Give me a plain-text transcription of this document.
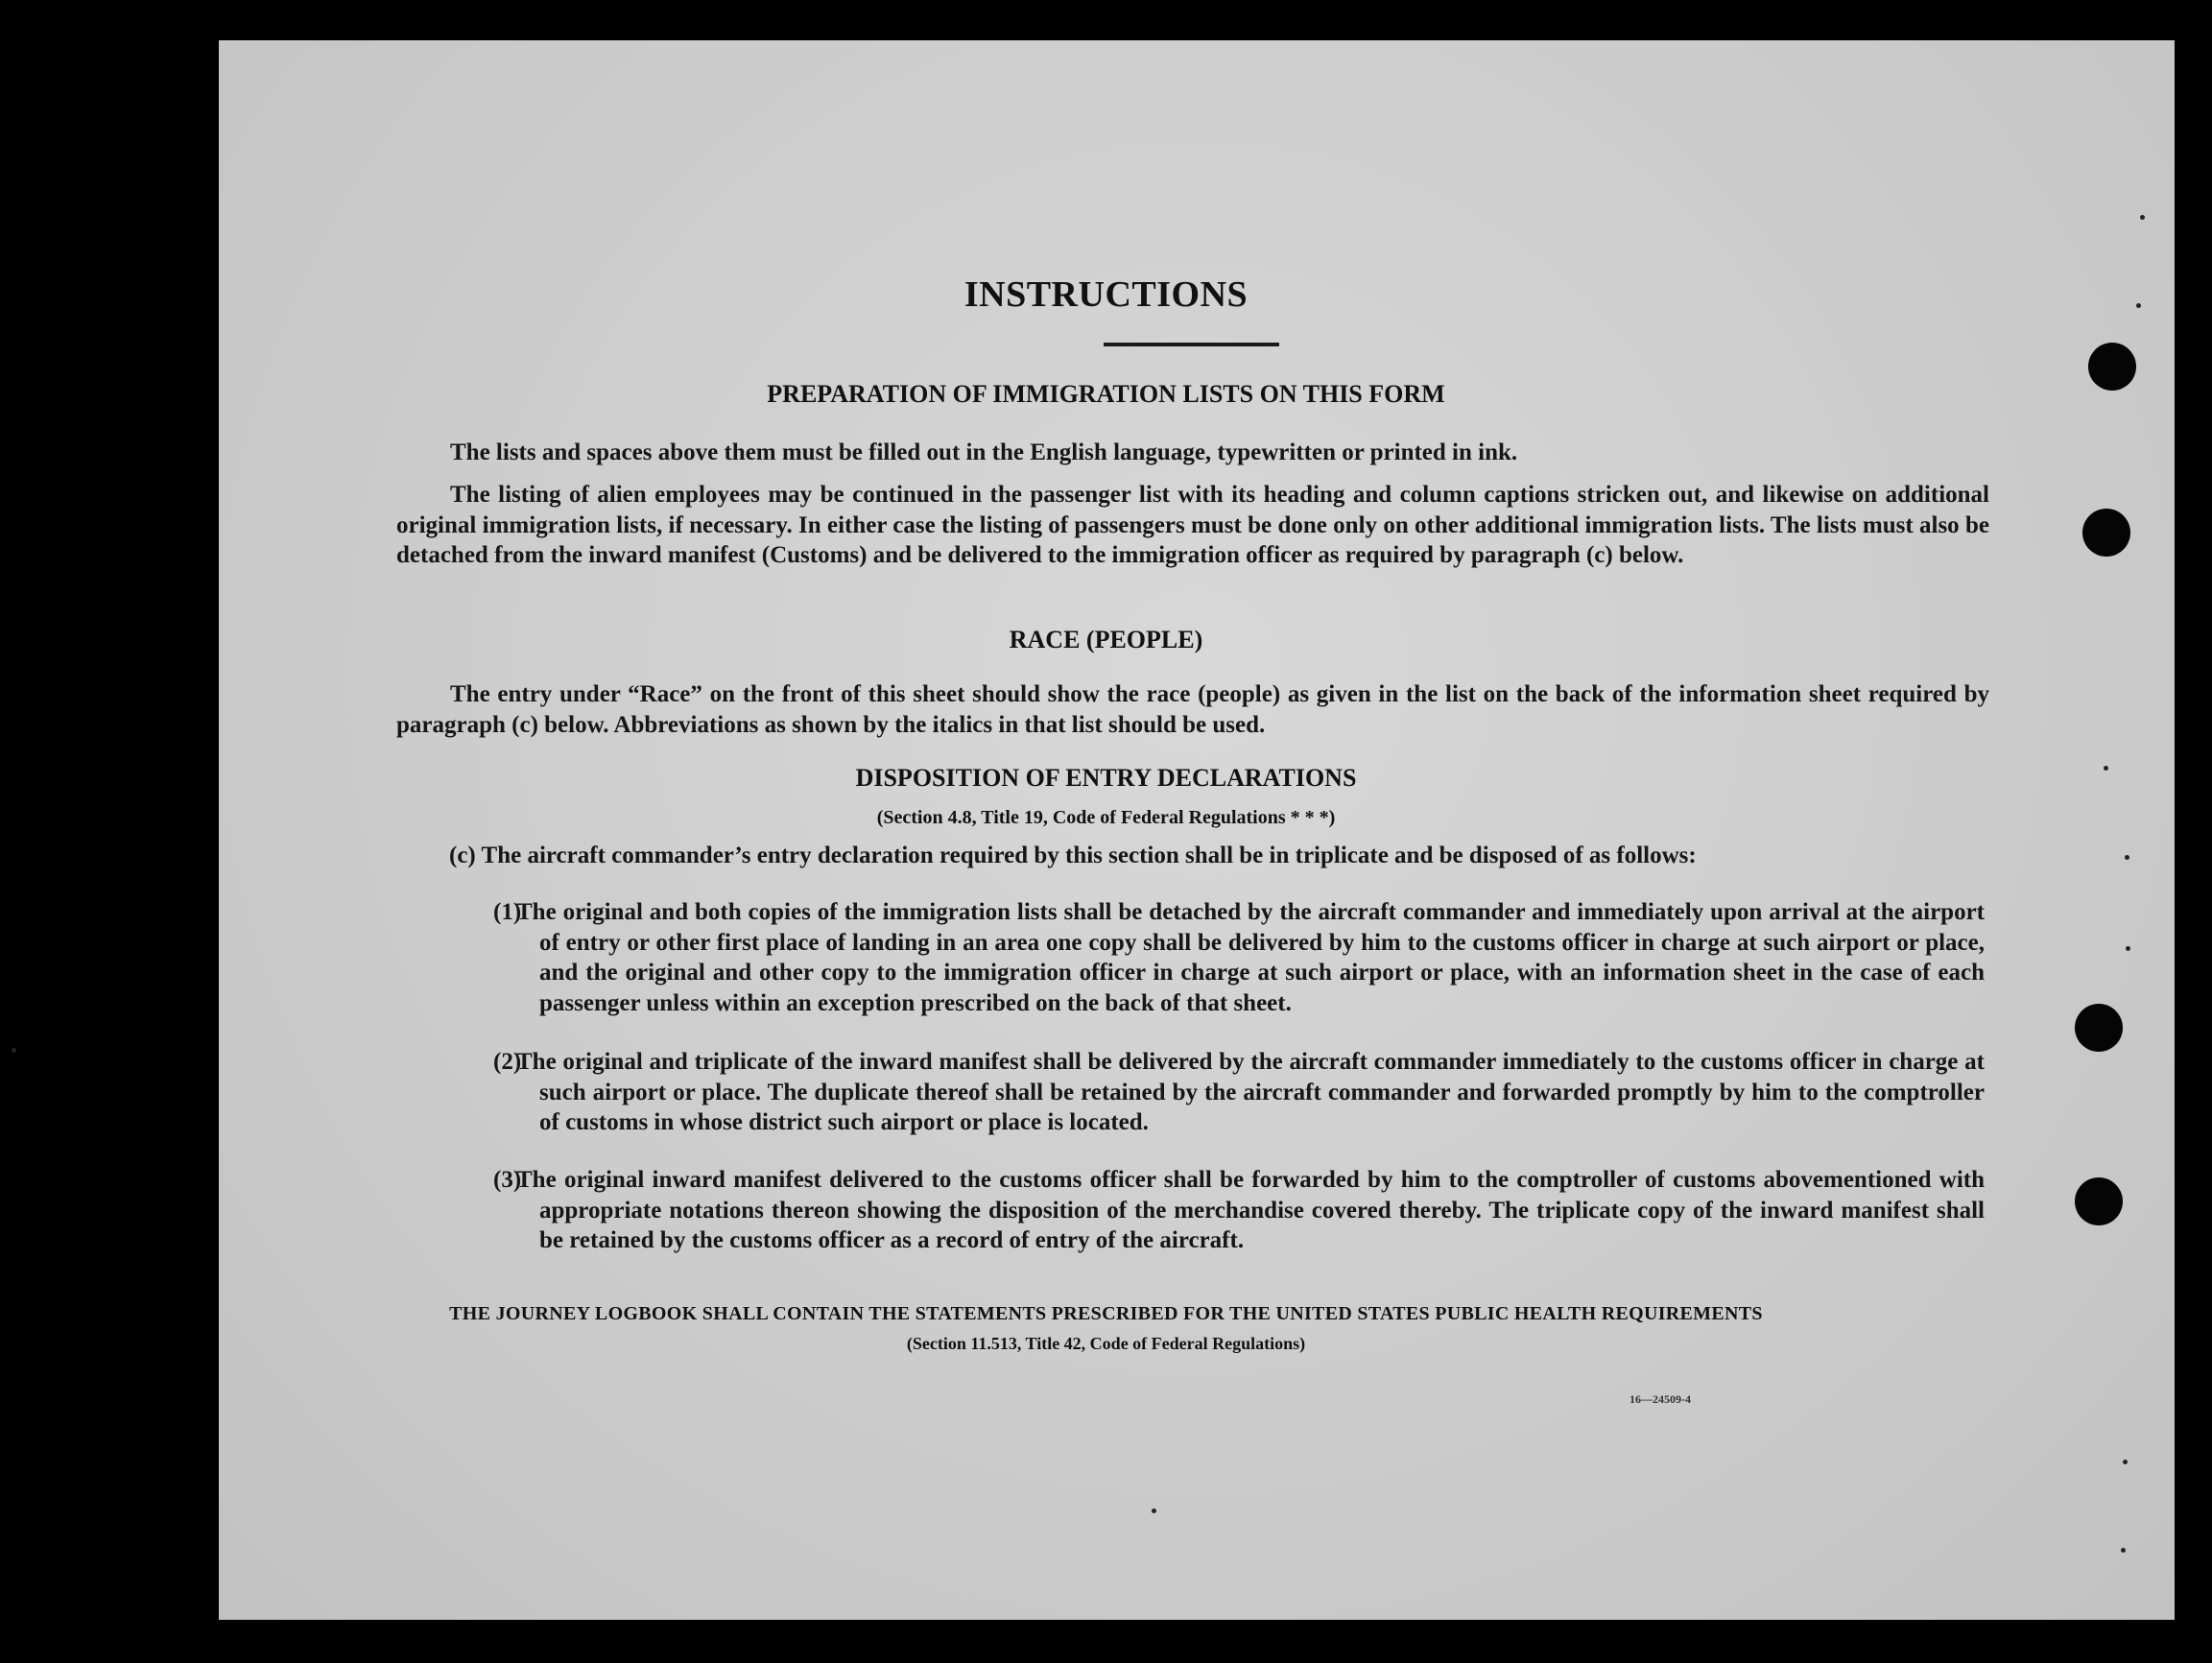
INSTRUCTIONS
PREPARATION OF IMMIGRATION LISTS ON THIS FORM
The lists and spaces above them must be filled out in the English language, typewritten or printed in ink.
The listing of alien employees may be continued in the passenger list with its heading and column captions stricken out, and likewise on additional original immigration lists, if necessary. In either case the listing of passengers must be done only on other additional immigration lists. The lists must also be detached from the inward manifest (Customs) and be delivered to the immigration officer as required by paragraph (c) below.
RACE (PEOPLE)
The entry under “Race” on the front of this sheet should show the race (people) as given in the list on the back of the information sheet required by paragraph (c) below. Abbreviations as shown by the italics in that list should be used.
DISPOSITION OF ENTRY DECLARATIONS
(Section 4.8, Title 19, Code of Federal Regulations * * *)
(c) The aircraft commander’s entry declaration required by this section shall be in triplicate and be disposed of as follows:
(1)
The original and both copies of the immigration lists shall be detached by the aircraft commander and immediately upon arrival at the airport of entry or other first place of landing in an area one copy shall be delivered by him to the customs officer in charge at such airport or place, and the original and other copy to the immigration officer in charge at such airport or place, with an information sheet in the case of each passenger unless within an exception prescribed on the back of that sheet.
(2)
The original and triplicate of the inward manifest shall be delivered by the aircraft commander immediately to the customs officer in charge at such airport or place. The duplicate thereof shall be retained by the aircraft commander and forwarded promptly by him to the comptroller of customs in whose district such airport or place is located.
(3)
The original inward manifest delivered to the customs officer shall be forwarded by him to the comptroller of customs abovementioned with appropriate notations thereon showing the disposition of the merchandise covered thereby. The triplicate copy of the inward manifest shall be retained by the customs officer as a record of entry of the aircraft.
THE JOURNEY LOGBOOK SHALL CONTAIN THE STATEMENTS PRESCRIBED FOR THE UNITED STATES PUBLIC HEALTH REQUIREMENTS
(Section 11.513, Title 42, Code of Federal Regulations)
16—24509-4
